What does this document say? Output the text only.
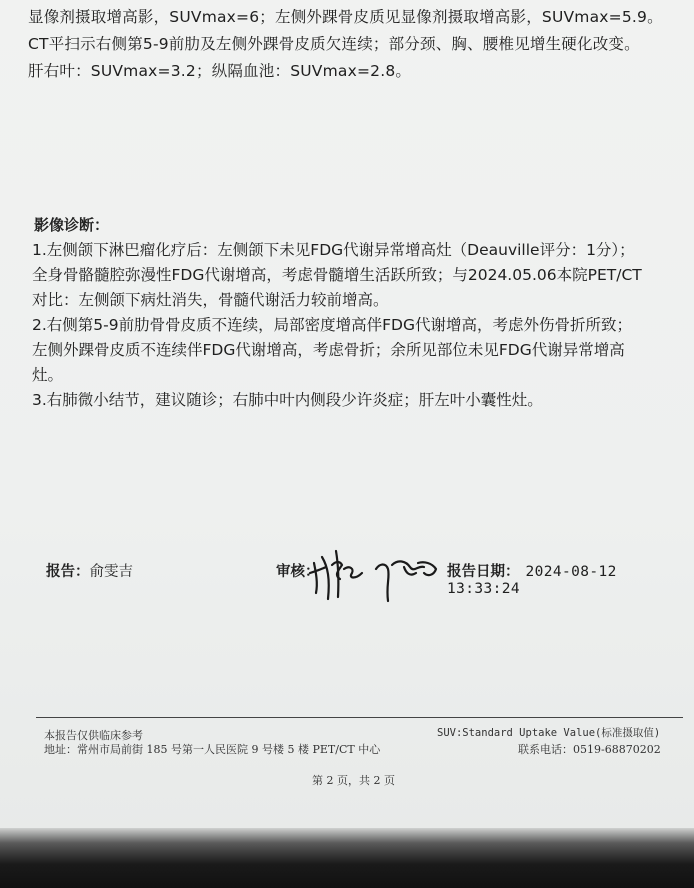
显像剂摄取增高影，SUVmax=6；左侧外踝骨皮质见显像剂摄取增高影，SUVmax=5.9。

CT平扫示右侧第5-9前肋及左侧外踝骨皮质欠连续；部分颈、胸、腰椎见增生硬化改变。

肝右叶：SUVmax=3.2；纵隔血池：SUVmax=2.8。

影像诊断：

1.左侧颌下淋巴瘤化疗后：左侧颌下未见FDG代谢异常增高灶（Deauville评分：1分）；

全身骨骼髓腔弥漫性FDG代谢增高，考虑骨髓增生活跃所致；与2024.05.06本院PET/CT

对比：左侧颌下病灶消失，骨髓代谢活力较前增高。

2.右侧第5-9前肋骨骨皮质不连续，局部密度增高伴FDG代谢增高，考虑外伤骨折所致；

左侧外踝骨皮质不连续伴FDG代谢增高，考虑骨折；余所见部位未见FDG代谢异常增高

灶。

3.右肺微小结节，建议随诊；右肺中叶内侧段少许炎症；肝左叶小囊性灶。

报告：俞雯吉	审核：	报告日期： 2024-08-12　13:33:24
本报告仅供临床参考
地址：常州市局前街 185 号第一人民医院 9 号楼 5 楼 PET/CT 中心
SUV:Standard Uptake Value(标准摄取值)
联系电话：0519-68870202
第 2 页，共 2 页
